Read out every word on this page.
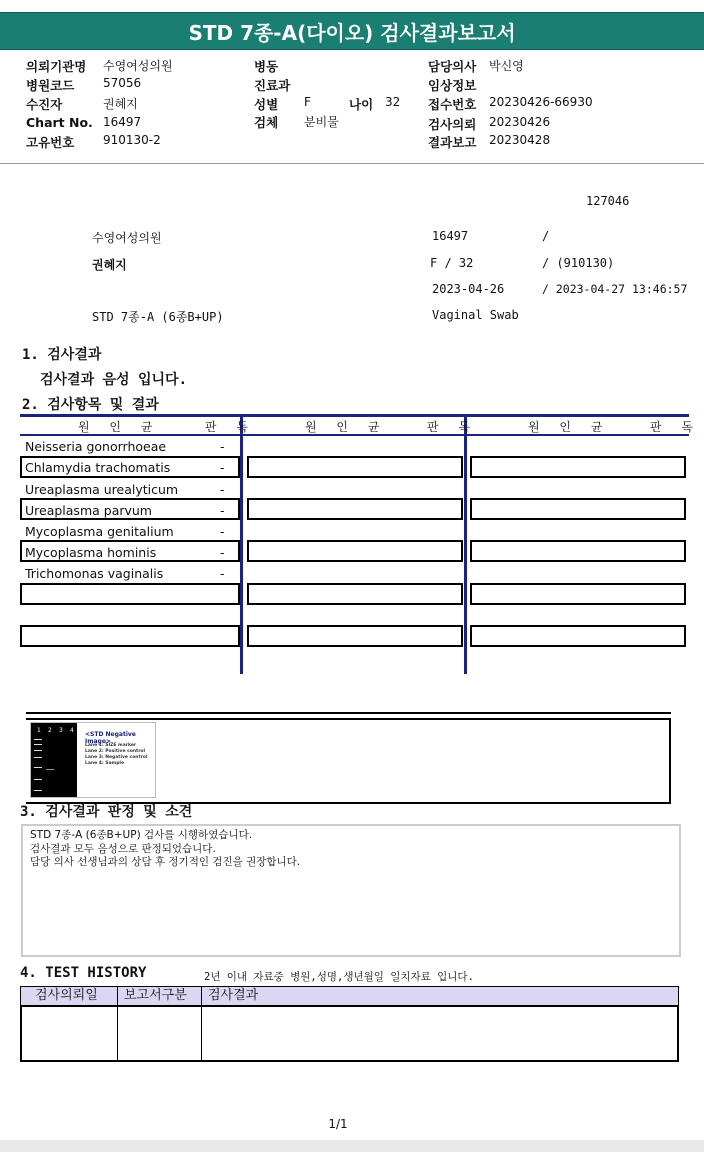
STD 7종-A(다이오) 검사결과보고서
의뢰기관명 수영여성의원
병원코드 57056
수진자	권혜지
Chart No. 16497
고유번호 910130-2
병동
진료과
성별 F	나이 32
검체 분비물
담당의사 박신영
임상정보
접수번호 20230426-66930
검사의뢰 20230426
결과보고 20230428
127046
수영여성의원	16497	/
권혜지	F / 32	/ (910130)
2023-04-26	/ 2023-04-27 13:46:57
STD 7종-A (6종B+UP)	Vaginal Swab
1. 검사결과
검사결과 음성 입니다.
2. 검사항목 및 결과
원 인 균	판 독	원 인 균	판 독	원 인 균	판 독
Neisseria gonorrhoeae	-
Chlamydia trachomatis	-
Ureaplasma urealyticum	-
Ureaplasma parvum	-
Mycoplasma genitalium	-
Mycoplasma hominis	-
Trichomonas vaginalis	-
1 2 3 4
<STD Negative Image>
Lane 1: SIZE marker
Lane 2: Positive control
Lane 3: Negative control
Lane 4: Sample
3. 검사결과 판정 및 소견
STD 7종-A (6종B+UP) 검사를 시행하였습니다.
검사결과 모두 음성으로 판정되었습니다.
담당 의사 선생님과의 상담 후 정기적인 검진을 권장합니다.
4. TEST HISTORY	2년 이내 자료중 병원,성명,생년월일 일치자료 입니다.
검사의뢰일	보고서구분	검사결과
1/1
